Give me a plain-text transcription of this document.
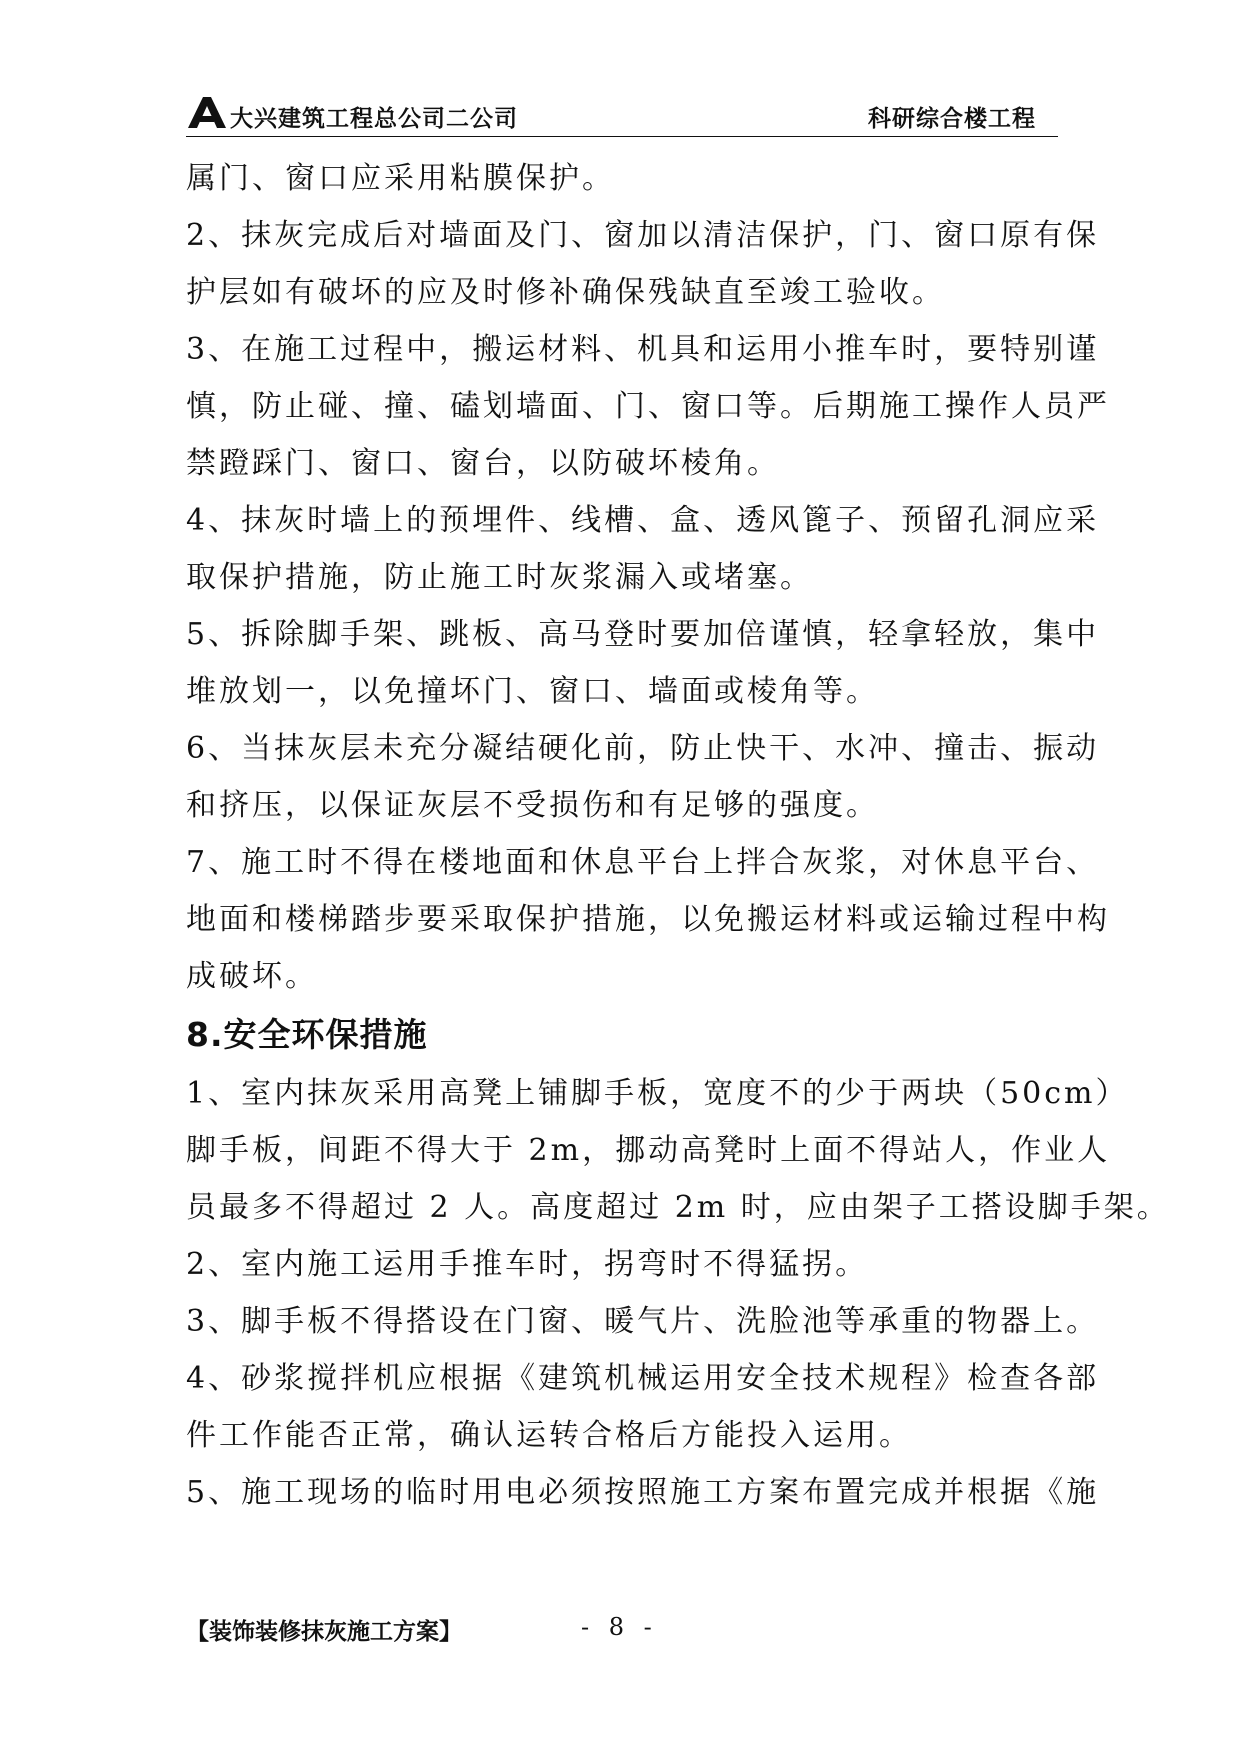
大兴建筑工程总公司二公司	科研综合楼工程
属门、窗口应采用粘膜保护。
2、抹灰完成后对墙面及门、窗加以清洁保护，门、窗口原有保
护层如有破坏的应及时修补确保残缺直至竣工验收。
3、在施工过程中，搬运材料、机具和运用小推车时，要特别谨
慎，防止碰、撞、磕划墙面、门、窗口等。后期施工操作人员严
禁蹬踩门、窗口、窗台，以防破坏棱角。
4、抹灰时墙上的预埋件、线槽、盒、透风篦子、预留孔洞应采
取保护措施，防止施工时灰浆漏入或堵塞。
5、拆除脚手架、跳板、高马登时要加倍谨慎，轻拿轻放，集中
堆放划一，以免撞坏门、窗口、墙面或棱角等。
6、当抹灰层未充分凝结硬化前，防止快干、水冲、撞击、振动
和挤压，以保证灰层不受损伤和有足够的强度。
7、施工时不得在楼地面和休息平台上拌合灰浆，对休息平台、
地面和楼梯踏步要采取保护措施，以免搬运材料或运输过程中构
成破坏。
8.安全环保措施
1、室内抹灰采用高凳上铺脚手板，宽度不的少于两块（50cm）
脚手板，间距不得大于 2m，挪动高凳时上面不得站人，作业人
员最多不得超过 2 人。高度超过 2m 时，应由架子工搭设脚手架。
2、室内施工运用手推车时，拐弯时不得猛拐。
3、脚手板不得搭设在门窗、暖气片、洗脸池等承重的物器上。
4、砂浆搅拌机应根据《建筑机械运用安全技术规程》检查各部
件工作能否正常，确认运转合格后方能投入运用。
5、施工现场的临时用电必须按照施工方案布置完成并根据《施
【装饰装修抹灰施工方案】	- 8 -
